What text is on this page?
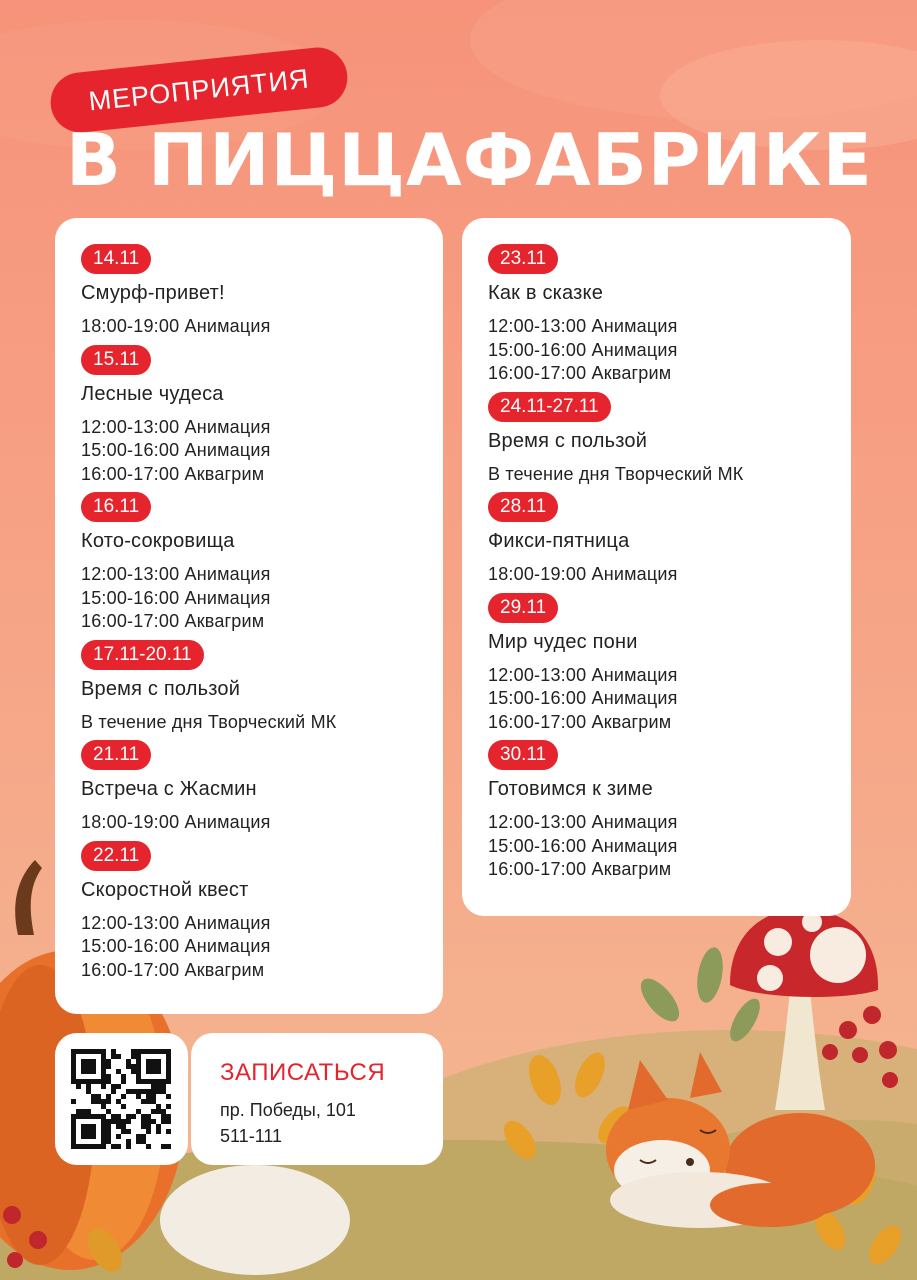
МЕРОПРИЯТИЯ
В ПИЦЦАФАБРИКЕ
14.11
Смурф-привет!
18:00-19:00 Анимация
15.11
Лесные чудеса
12:00-13:00 Анимация
15:00-16:00 Анимация
16:00-17:00 Аквагрим
16.11
Кото-сокровища
12:00-13:00 Анимация
15:00-16:00 Анимация
16:00-17:00 Аквагрим
17.11-20.11
Время с пользой
В течение дня Творческий МК
21.11
Встреча с Жасмин
18:00-19:00 Анимация
22.11
Скоростной квест
12:00-13:00 Анимация
15:00-16:00 Анимация
16:00-17:00 Аквагрим
23.11
Как в сказке
12:00-13:00 Анимация
15:00-16:00 Анимация
16:00-17:00 Аквагрим
24.11-27.11
Время с пользой
В течение дня Творческий МК
28.11
Фикси-пятница
18:00-19:00 Анимация
29.11
Мир чудес пони
12:00-13:00 Анимация
15:00-16:00 Анимация
16:00-17:00 Аквагрим
30.11
Готовимся к зиме
12:00-13:00 Анимация
15:00-16:00 Анимация
16:00-17:00 Аквагрим
ЗАПИСАТЬСЯ
пр. Победы, 101
511-111
